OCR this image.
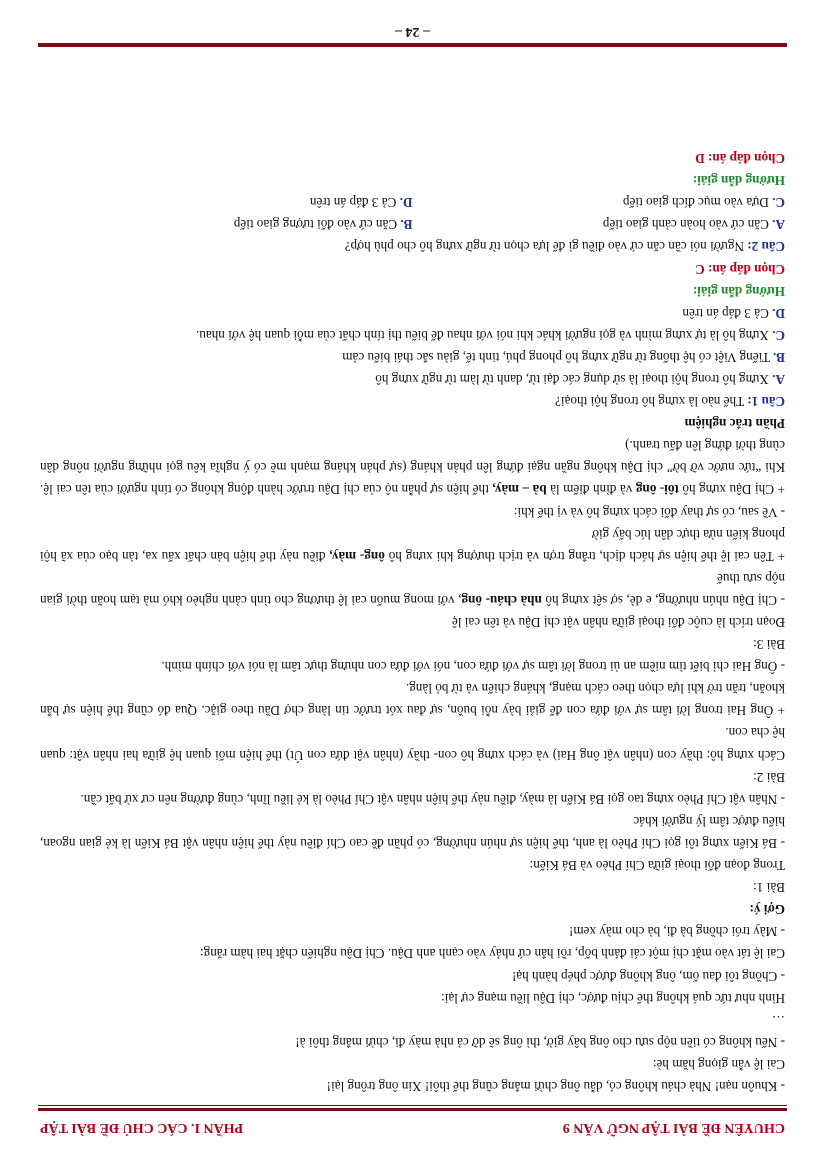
CHUYÊN ĐỀ BÀI TẬP NGỮ VĂN 9
PHẦN I. CÁC CHỦ ĐỀ BÀI TẬP

- Khuôn nạn! Nhà cháu không có, dẫu ông chửi mắng cũng thế thôi! Xin ông trông lại!

Cai lệ vẫn giọng hầm hè:

- Nếu không có tiền nộp sưu cho ông bây giờ, thì ông sẽ dỡ cả nhà mày đi, chửi mắng thôi à!

…

Hình như tức quá không thể chịu được, chị Dậu liều mạng cự lại:

- Chồng tôi đau ốm, ông không được phép hành hạ!

Cai lệ tát vào mặt chị một cái đánh bốp, rồi hắn cứ nhảy vào cạnh anh Dậu. Chị Dậu nghiến chặt hai hàm răng:

- Mày trói chồng bà đi, bà cho mày xem!

Gợi ý:

Bài 1:

Trong đoạn đối thoại giữa Chí Phèo và Bá Kiến:

- Bá Kiến xưng tôi gọi Chí Phèo là anh, thể hiện sự nhún nhường, có phần đề cao Chí điều này thể hiện nhân vật Bá Kiến là kẻ gian ngoan, hiểu được tâm lý người khác

- Nhân vật Chí Phèo xưng tao gọi Bá Kiến là mày, điều này thể hiện nhân vật Chí Phèo là kẻ liều lĩnh, cùng đường nên cư xử bất cần.

Bài 2:

Cách xưng hô: thầy con (nhân vật ông Hai) và cách xưng hô con- thầy (nhân vật đứa con Út) thể hiện mối quan hệ giữa hai nhân vật: quan hệ cha con.

+ Ông Hai trong lời tâm sự với đứa con để giải bày nỗi buồn, sự đau xót trước tin làng chợ Dầu theo giặc. Qua đó cũng thể hiện sự bẵn khoăn, trăn trở khi lựa chọn theo cách mạng, kháng chiến và từ bỏ làng.

- Ông Hai chỉ biết tìm niềm an ủi trong lời tâm sự với đứa con, nói với đứa con nhưng thực tâm là nói với chính mình.

Bài 3:

Đoạn trích là cuộc đối thoại giữa nhân vật chị Dậu và tên cai lệ

- Chị Dậu nhún nhường, e dè, sợ sệt xưng hô nhà cháu- ông, với mong muốn cai lệ thương cho tình cảnh nghèo khó mà tạm hoãn thời gian nộp sưu thuế

+ Tên cai lệ thể hiện sự hách dịch, trắng trợn và trịch thượng khi xưng hô ông- mày, điều này thể hiện bản chất xấu xa, tàn bạo của xã hội phong kiến nửa thực dân lúc bấy giờ

- Về sau, có sự thay đổi cách xưng hô và vị thế khi:

+ Chị Dậu xưng hô tôi- ông và đỉnh điểm là bà – mày, thể hiện sự phẫn nộ của chị Dậu trước hành động không có tính người của tên cai lệ. Khi “tức nước vỡ bờ” chị Dậu không ngần ngại đứng lên phản kháng (sự phản kháng mạnh mẽ có ý nghĩa kêu gọi những người nông dân cùng thời đứng lên đấu tranh.)

Phần trắc nghiệm

Câu 1: Thế nào là xưng hô trong hội thoại?

A. Xưng hô trong hội thoại là sử dụng các đại từ, danh từ làm từ ngữ xưng hô

B. Tiếng Việt có hệ thống từ ngữ xưng hô phong phú, tinh tế, giàu sắc thái biểu cảm

C. Xưng hô là tự xưng mình và gọi người khác khi nói với nhau để biểu thị tính chất của mỗi quan hệ với nhau.

D. Cả 3 đáp án trên

Hướng dẫn giải:

Chọn đáp án: C

Câu 2: Người nói cần căn cứ vào điều gì để lựa chọn từ ngữ xưng hô cho phù hợp?

A. Căn cứ vào hoàn cảnh giao tiếp
B. Căn cứ vào đối tượng giao tiếp
C. Dựa vào mục đích giao tiếp
D. Cả 3 đáp án trên

Hướng dẫn giải:

Chọn đáp án: D

– 24 –
